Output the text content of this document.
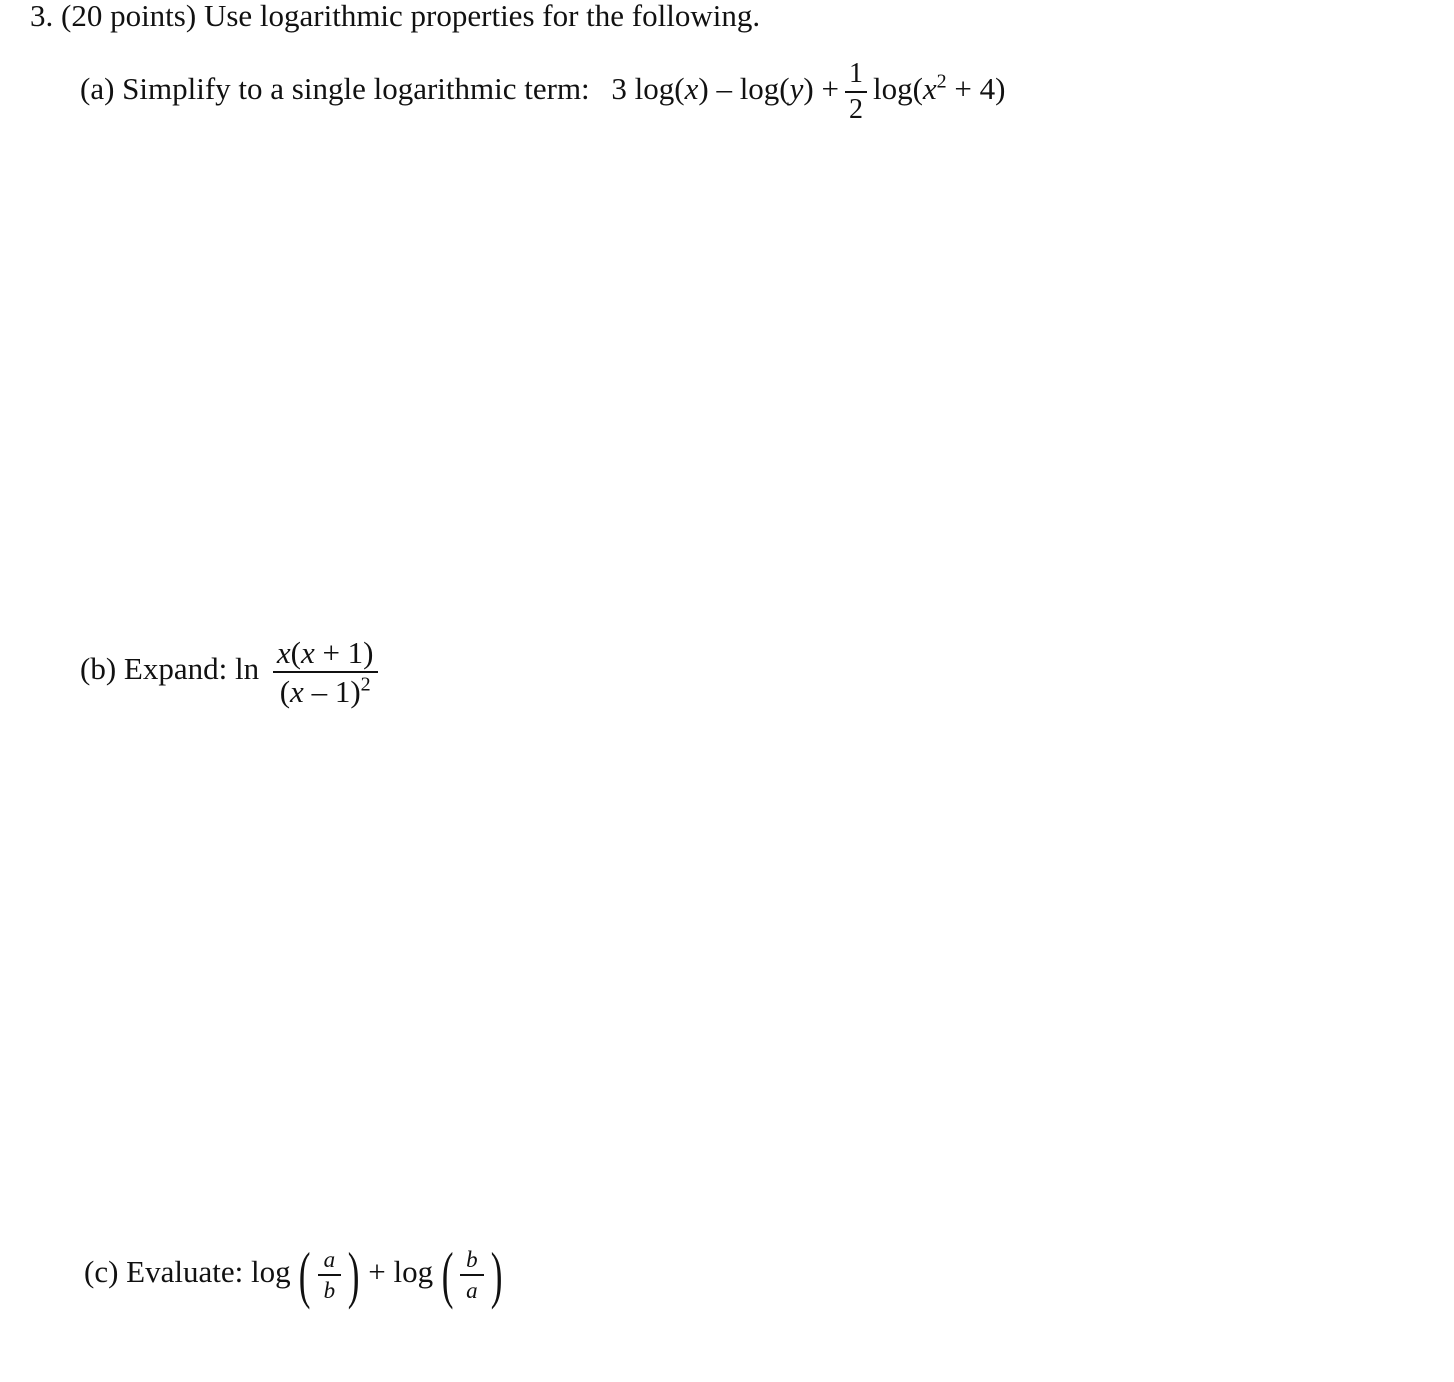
3. (20 points) Use logarithmic properties for the following.
(a) Simplify to a single logarithmic term: 3 $\log(x) - \log(y) + \frac{1}{2} \log(x^2 + 4)$
(b) Expand: $\ln \frac{x(x + 1)}{(x - 1)^2}$
(c) Evaluate: log ( $\frac{a}{b}$ ) + log ( $\frac{b}{a}$ )
